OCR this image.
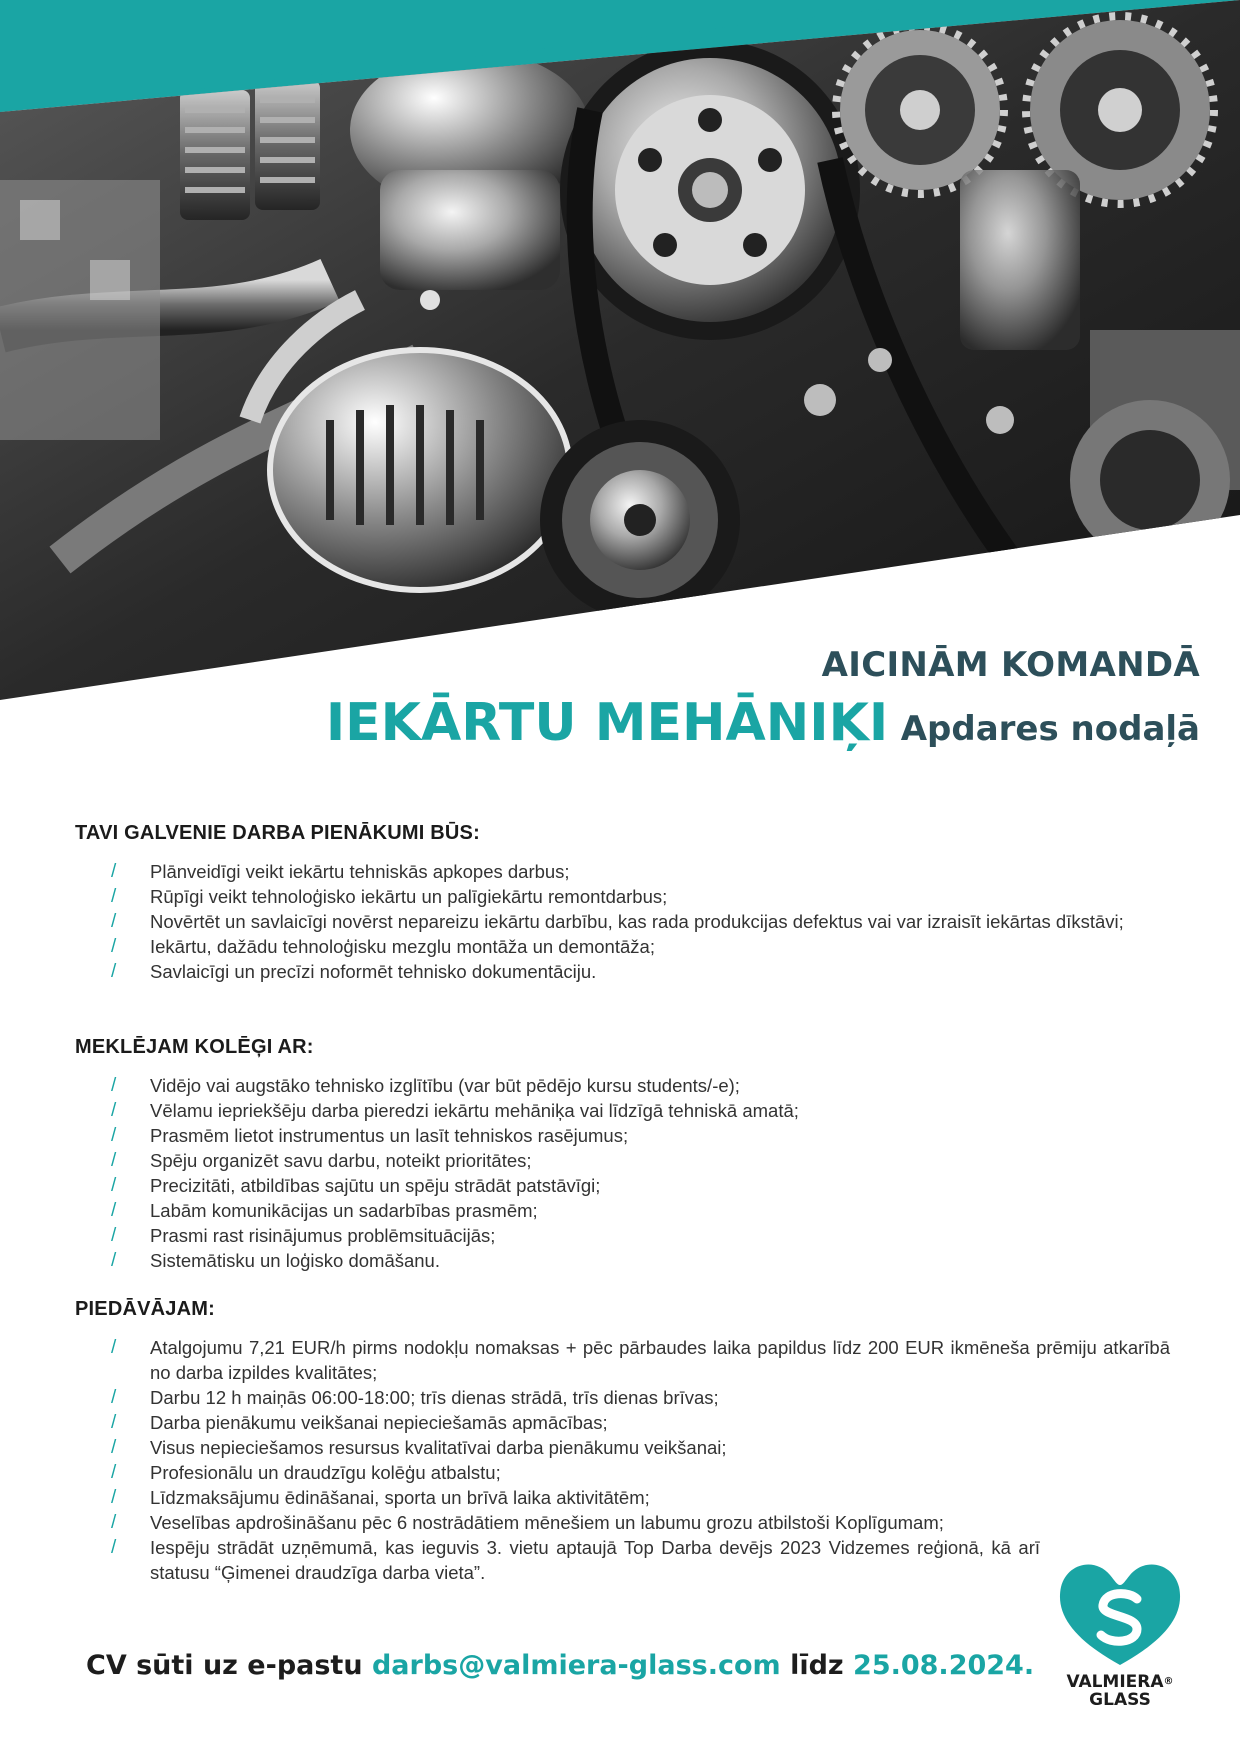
AICINĀM KOMANDĀ
IEKĀRTU MEHĀNIĶI Apdares nodaļā
TAVI GALVENIE DARBA PIENĀKUMI BŪS:
/ Plānveidīgi veikt iekārtu tehniskās apkopes darbus;
/ Rūpīgi veikt tehnoloģisko iekārtu un palīgiekārtu remontdarbus;
/ Novērtēt un savlaicīgi novērst nepareizu iekārtu darbību, kas rada produkcijas defektus vai var izraisīt iekārtas dīkstāvi;
/ Iekārtu, dažādu tehnoloģisku mezglu montāža un demontāža;
/ Savlaicīgi un precīzi noformēt tehnisko dokumentāciju.
MEKLĒJAM KOLĒĢI AR:
/ Vidējo vai augstāko tehnisko izglītību (var būt pēdējo kursu students/-e);
/ Vēlamu iepriekšēju darba pieredzi iekārtu mehāniķa vai līdzīgā tehniskā amatā;
/ Prasmēm lietot instrumentus un lasīt tehniskos rasējumus;
/ Spēju organizēt savu darbu, noteikt prioritātes;
/ Precizitāti, atbildības sajūtu un spēju strādāt patstāvīgi;
/ Labām komunikācijas un sadarbības prasmēm;
/ Prasmi rast risinājumus problēmsituācijās;
/ Sistemātisku un loģisko domāšanu.
PIEDĀVĀJAM:
/ Atalgojumu 7,21 EUR/h pirms nodokļu nomaksas + pēc pārbaudes laika papildus līdz 200 EUR ikmēneša prēmiju atkarībā no darba izpildes kvalitātes;
/ Darbu 12 h maiņās 06:00-18:00; trīs dienas strādā, trīs dienas brīvas;
/ Darba pienākumu veikšanai nepieciešamās apmācības;
/ Visus nepieciešamos resursus kvalitatīvai darba pienākumu veikšanai;
/ Profesionālu un draudzīgu kolēģu atbalstu;
/ Līdzmaksājumu ēdināšanai, sporta un brīvā laika aktivitātēm;
/ Veselības apdrošināšanu pēc 6 nostrādātiem mēnešiem un labumu grozu atbilstoši Koplīgumam;
/ Iespēju strādāt uzņēmumā, kas ieguvis 3. vietu aptaujā Top Darba devējs 2023 Vidzemes reģionā, kā arī statusu “Ģimenei draudzīga darba vieta”.
CV sūti uz e-pastu darbs@valmiera-glass.com līdz 25.08.2024.
VALMIERA®
GLASS
